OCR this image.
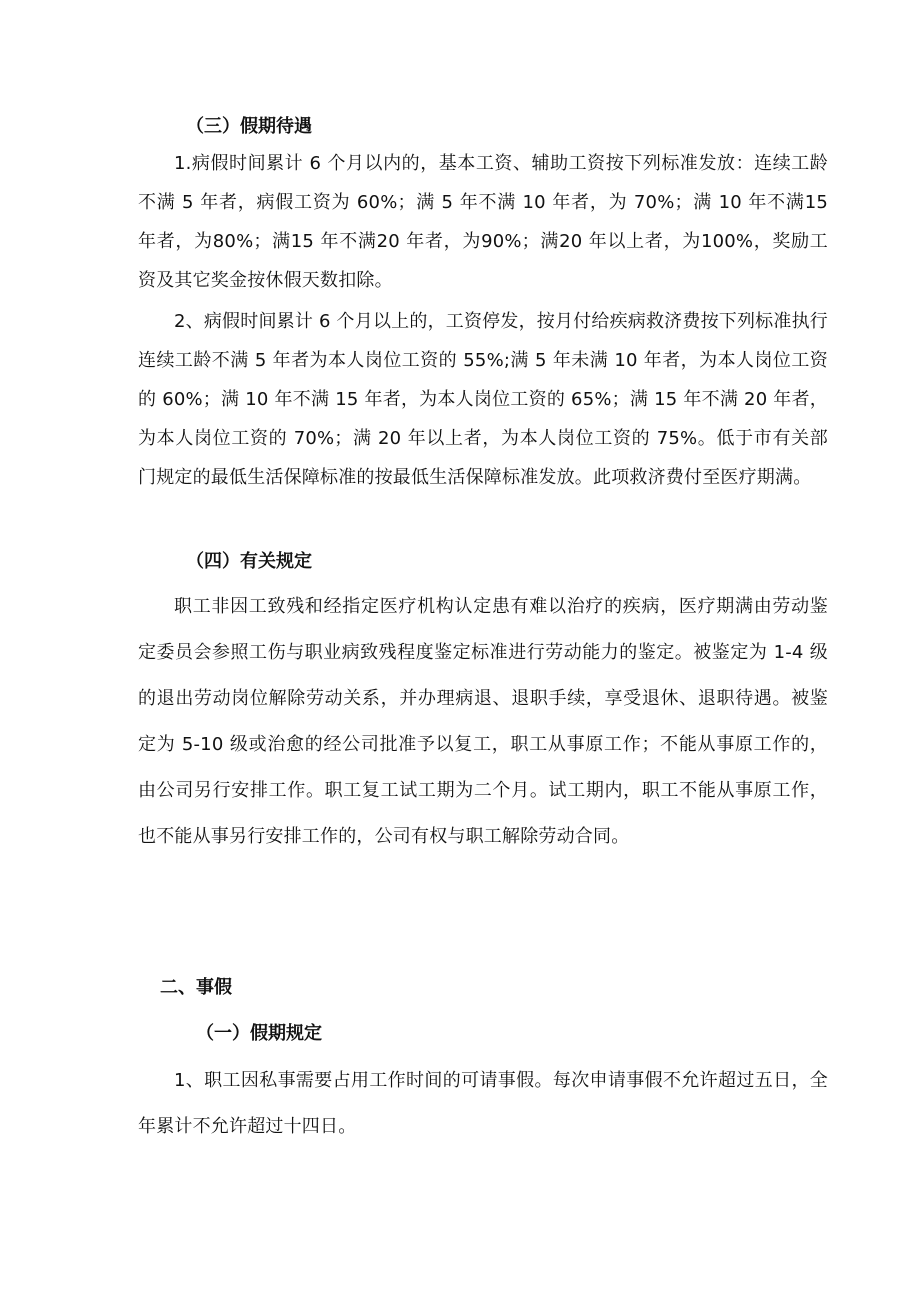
（三）假期待遇
1.病假时间累计 6 个月以内的，基本工资、辅助工资按下列标准发放：连续工龄不满 5 年者，病假工资为 60%；满 5 年不满 10 年者，为 70%；满 10 年不满15 年者，为80%；满15 年不满20 年者，为90%；满20 年以上者，为100%，奖励工资及其它奖金按休假天数扣除。
2、病假时间累计 6 个月以上的，工资停发，按月付给疾病救济费按下列标准执行连续工龄不满 5 年者为本人岗位工资的 55%;满 5 年未满 10 年者，为本人岗位工资的 60%；满 10 年不满 15 年者，为本人岗位工资的 65%；满 15 年不满 20 年者，为本人岗位工资的 70%；满 20 年以上者，为本人岗位工资的 75%。低于市有关部门规定的最低生活保障标准的按最低生活保障标准发放。此项救济费付至医疗期满。
（四）有关规定
职工非因工致残和经指定医疗机构认定患有难以治疗的疾病，医疗期满由劳动鉴定委员会参照工伤与职业病致残程度鉴定标准进行劳动能力的鉴定。被鉴定为 1-4 级的退出劳动岗位解除劳动关系，并办理病退、退职手续，享受退休、退职待遇。被鉴定为 5-10 级或治愈的经公司批准予以复工，职工从事原工作；不能从事原工作的，由公司另行安排工作。职工复工试工期为二个月。试工期内，职工不能从事原工作，也不能从事另行安排工作的，公司有权与职工解除劳动合同。
二、事假
（一）假期规定
1、职工因私事需要占用工作时间的可请事假。每次申请事假不允许超过五日，全年累计不允许超过十四日。
